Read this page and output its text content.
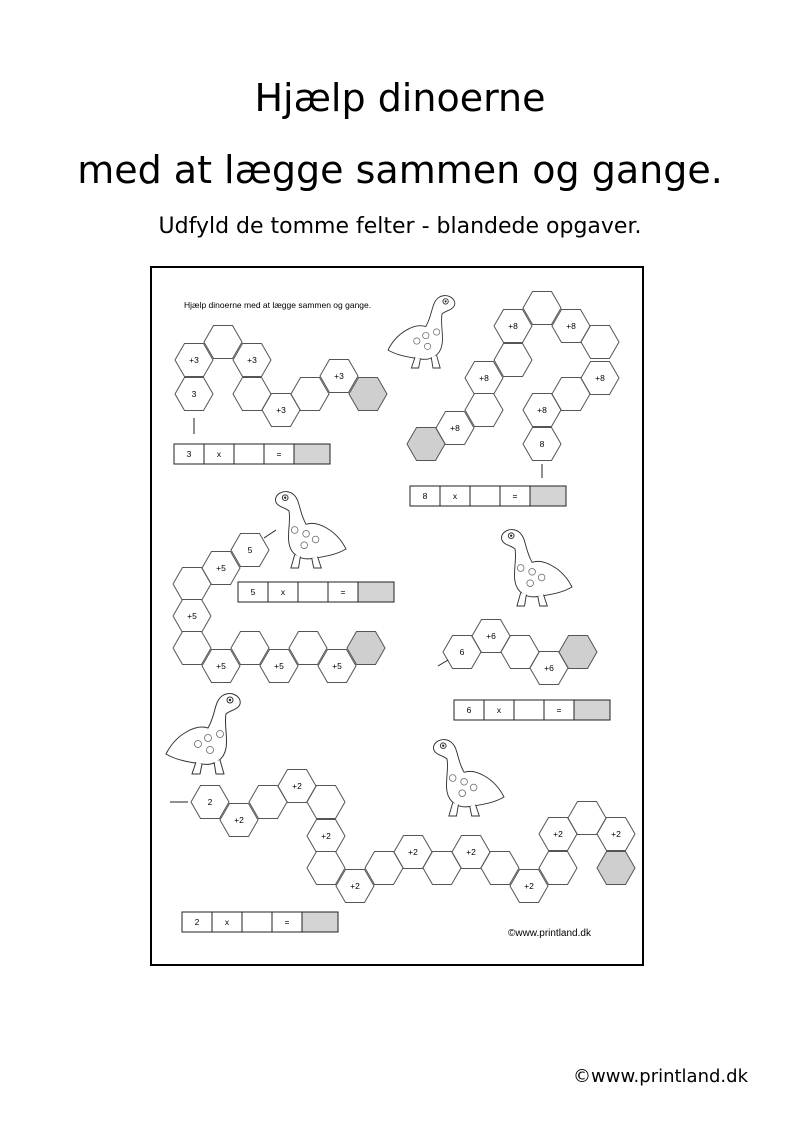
Hjælp dinoerne
med at lægge sammen og gange.
Udfyld de tomme felter - blandede opgaver.
Hjælp dinoerne med at lægge sammen og gange.
3
+3	+3
+3
+3
8
+8
+8
+8
+8
+8
+8
5
+5
+5
+5	+5	+5
6
+6
+6
2
+2
+2
+2
+2
+2	+2
+2
+2	+2
3	x	=
8	x	=
5	x	=
6	x	=
2	x	=
©www.printland.dk
©www.printland.dk
